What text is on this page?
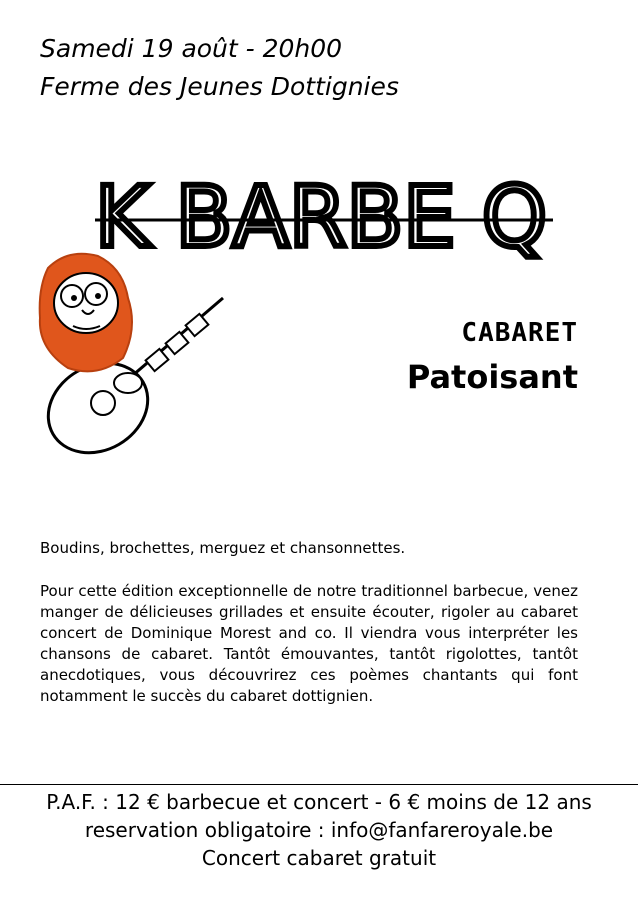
Samedi 19 août - 20h00
Ferme des Jeunes Dottignies
K BARBE Q
CABARET
Patoisant
Boudins, brochettes, merguez et chansonnettes.
Pour cette édition exceptionnelle de notre traditionnel barbecue, venez manger de délicieuses grillades et ensuite écouter, rigoler au cabaret concert de Dominique Morest and co. Il viendra vous interpréter les chansons de cabaret. Tantôt émouvantes, tantôt rigolottes, tantôt anecdotiques, vous découvrirez ces poèmes chantants qui font notamment le succès du cabaret dottignien.
P.A.F. : 12 € barbecue et concert - 6 € moins de 12 ans
reservation obligatoire : info@fanfareroyale.be
Concert cabaret gratuit
